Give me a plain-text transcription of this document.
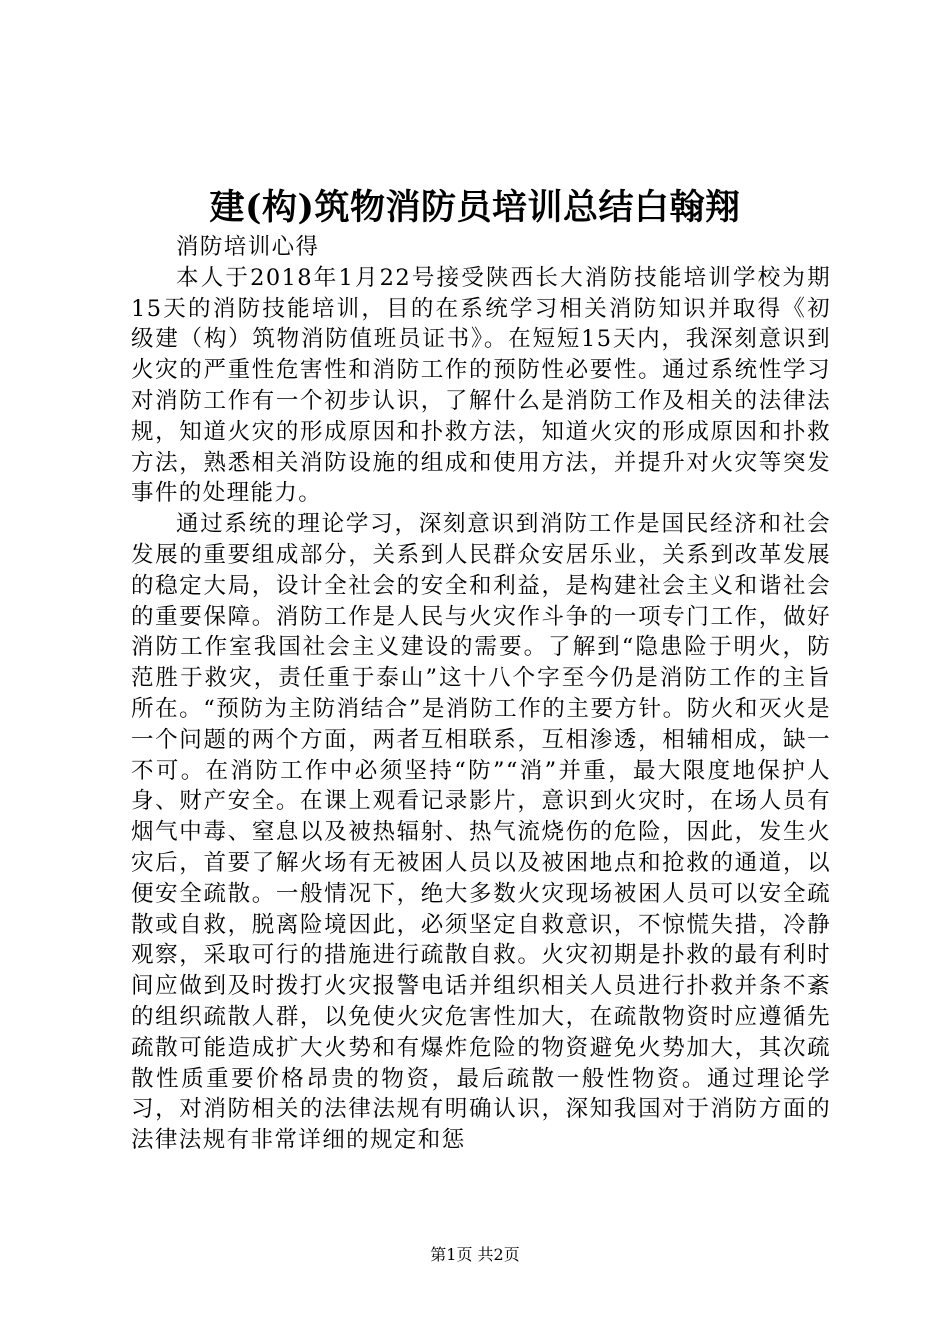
建(构)筑物消防员培训总结白翰翔
消防培训心得

本人于2018年1月22号接受陕西长大消防技能培训学校为期15天的消防技能培训，目的在系统学习相关消防知识并取得《初级建（构）筑物消防值班员证书》。在短短15天内，我深刻意识到火灾的严重性危害性和消防工作的预防性必要性。通过系统性学习对消防工作有一个初步认识，了解什么是消防工作及相关的法律法规，知道火灾的形成原因和扑救方法，知道火灾的形成原因和扑救方法，熟悉相关消防设施的组成和使用方法，并提升对火灾等突发事件的处理能力。

通过系统的理论学习，深刻意识到消防工作是国民经济和社会发展的重要组成部分，关系到人民群众安居乐业，关系到改革发展的稳定大局，设计全社会的安全和利益，是构建社会主义和谐社会的重要保障。消防工作是人民与火灾作斗争的一项专门工作，做好消防工作室我国社会主义建设的需要。了解到“隐患险于明火，防范胜于救灾，责任重于泰山”这十八个字至今仍是消防工作的主旨所在。“预防为主防消结合”是消防工作的主要方针。防火和灭火是一个问题的两个方面，两者互相联系，互相渗透，相辅相成，缺一不可。在消防工作中必须坚持“防”“消”并重，最大限度地保护人身、财产安全。在课上观看记录影片，意识到火灾时，在场人员有烟气中毒、窒息以及被热辐射、热气流烧伤的危险，因此，发生火灾后，首要了解火场有无被困人员以及被困地点和抢救的通道，以便安全疏散。一般情况下，绝大多数火灾现场被困人员可以安全疏散或自救，脱离险境因此，必须坚定自救意识，不惊慌失措，冷静观察，采取可行的措施进行疏散自救。火灾初期是扑救的最有利时间应做到及时拨打火灾报警电话并组织相关人员进行扑救并条不紊的组织疏散人群，以免使火灾危害性加大，在疏散物资时应遵循先疏散可能造成扩大火势和有爆炸危险的物资避免火势加大，其次疏散性质重要价格昂贵的物资，最后疏散一般性物资。通过理论学习，对消防相关的法律法规有明确认识，深知我国对于消防方面的法律法规有非常详细的规定和惩

第1页 共2页
